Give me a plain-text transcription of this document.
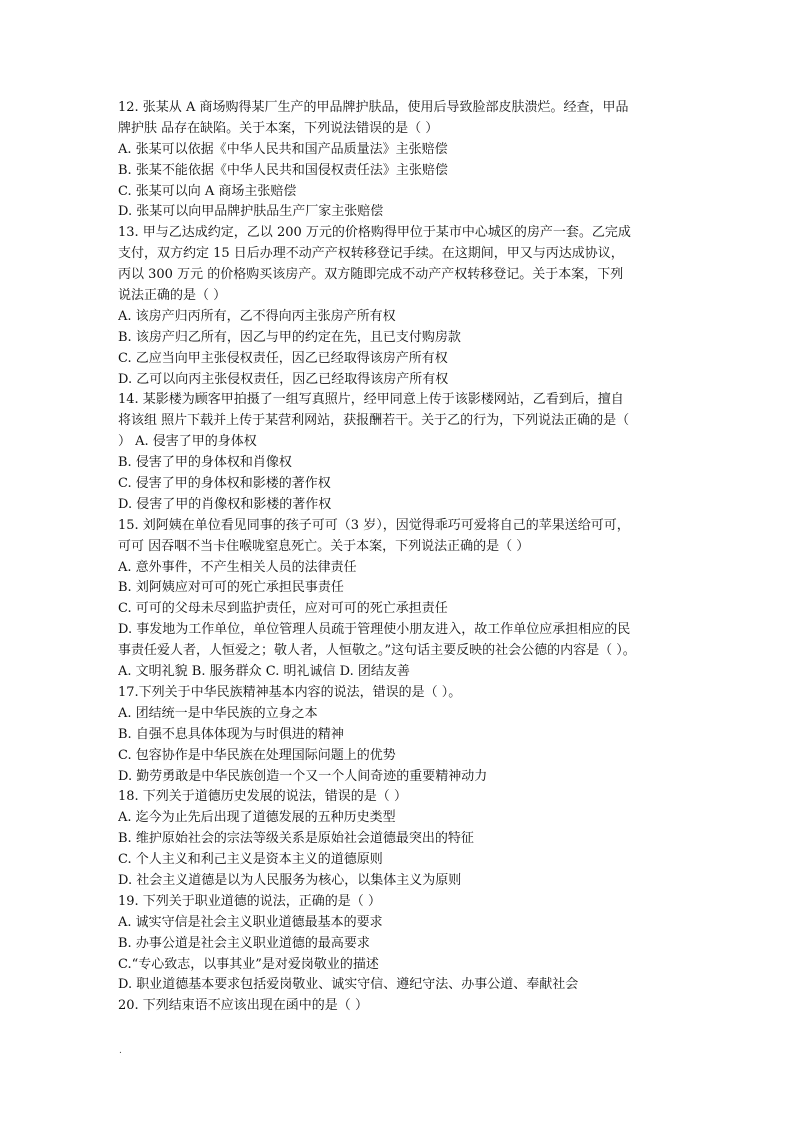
12. 张某从 A 商场购得某厂生产的甲品牌护肤品，使用后导致脸部皮肤溃烂。经查，甲品
牌护肤 品存在缺陷。关于本案，下列说法错误的是（ ）
A. 张某可以依据《中华人民共和国产品质量法》主张赔偿
B. 张某不能依据《中华人民共和国侵权责任法》主张赔偿
C. 张某可以向 A 商场主张赔偿
D. 张某可以向甲品牌护肤品生产厂家主张赔偿
13. 甲与乙达成约定，乙以 200 万元的价格购得甲位于某市中心城区的房产一套。乙完成
支付，双方约定 15 日后办理不动产产权转移登记手续。在这期间，甲又与丙达成协议，
丙以 300 万元 的价格购买该房产。双方随即完成不动产产权转移登记。关于本案，下列
说法正确的是（ ）
A. 该房产归丙所有，乙不得向丙主张房产所有权
B. 该房产归乙所有，因乙与甲的约定在先，且已支付购房款
C. 乙应当向甲主张侵权责任，因乙已经取得该房产所有权
D. 乙可以向丙主张侵权责任，因乙已经取得该房产所有权
14. 某影楼为顾客甲拍摄了一组写真照片，经甲同意上传于该影楼网站，乙看到后，擅自
将该组 照片下载并上传于某营利网站，获报酬若干。关于乙的行为，下列说法正确的是（
） A. 侵害了甲的身体权
B. 侵害了甲的身体权和肖像权
C. 侵害了甲的身体权和影楼的著作权
D. 侵害了甲的肖像权和影楼的著作权
15. 刘阿姨在单位看见同事的孩子可可（3 岁），因觉得乖巧可爱将自己的苹果送给可可，
可可 因吞咽不当卡住喉咙窒息死亡。关于本案，下列说法正确的是（ ）
A. 意外事件，不产生相关人员的法律责任
B. 刘阿姨应对可可的死亡承担民事责任
C. 可可的父母未尽到监护责任，应对可可的死亡承担责任
D. 事发地为工作单位，单位管理人员疏于管理使小朋友进入，故工作单位应承担相应的民
事责任爱人者，人恒爱之；敬人者，人恒敬之。”这句话主要反映的社会公德的内容是（ ）。
A. 文明礼貌 B. 服务群众 C. 明礼诚信 D. 团结友善
17.下列关于中华民族精神基本内容的说法，错误的是（ ）。
A. 团结统一是中华民族的立身之本
B. 自强不息具体体现为与时俱进的精神
C. 包容协作是中华民族在处理国际问题上的优势
D. 勤劳勇敢是中华民族创造一个又一个人间奇迹的重要精神动力
18. 下列关于道德历史发展的说法，错误的是（ ）
A. 迄今为止先后出现了道德发展的五种历史类型
B. 维护原始社会的宗法等级关系是原始社会道德最突出的特征
C. 个人主义和利己主义是资本主义的道德原则
D. 社会主义道德是以为人民服务为核心，以集体主义为原则
19. 下列关于职业道德的说法，正确的是（ ）
A. 诚实守信是社会主义职业道德最基本的要求
B. 办事公道是社会主义职业道德的最高要求
C.“专心致志，以事其业”是对爱岗敬业的描述
D. 职业道德基本要求包括爱岗敬业、诚实守信、遵纪守法、办事公道、奉献社会
20. 下列结束语不应该出现在函中的是（ ）
.
